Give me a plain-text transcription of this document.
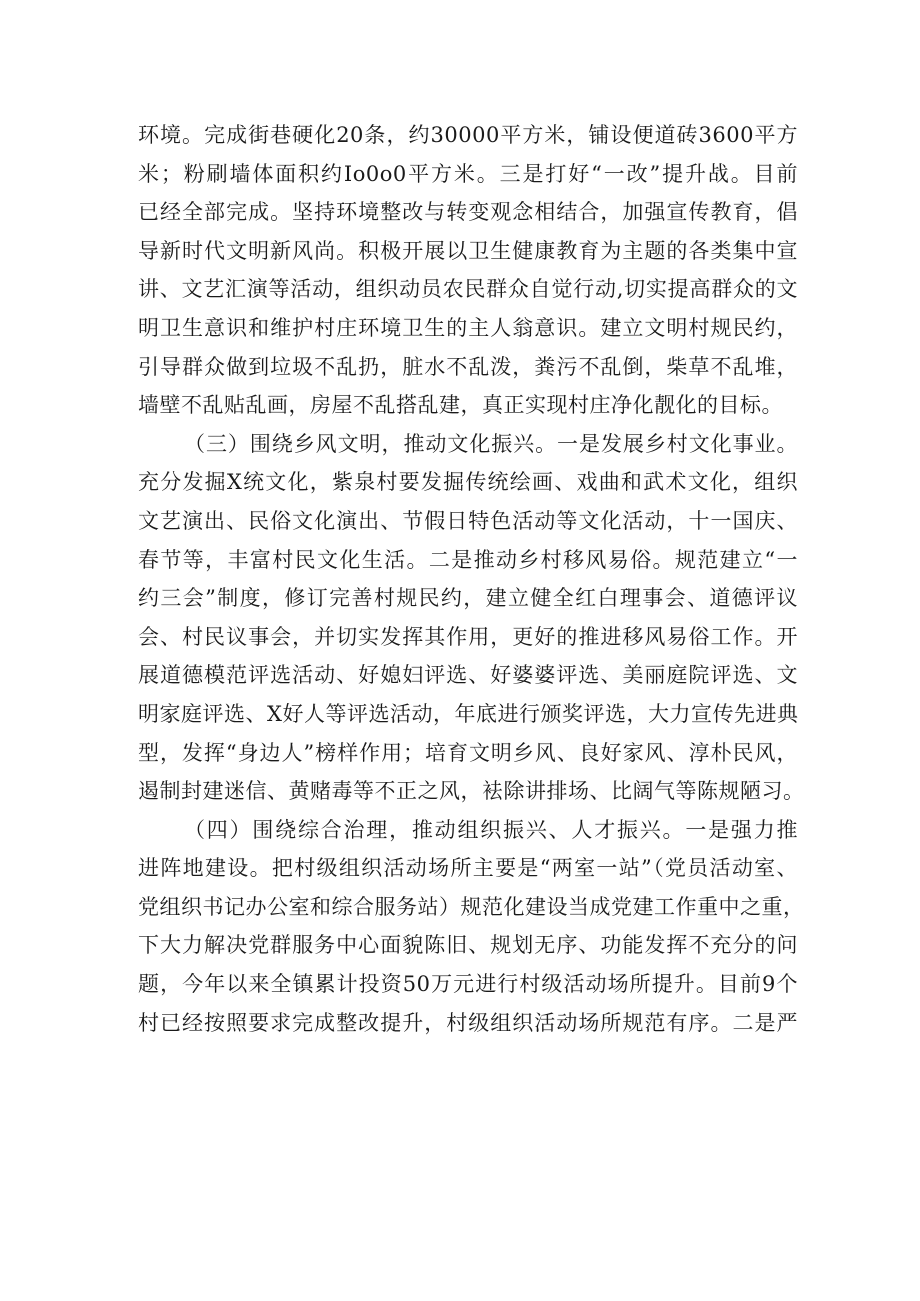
环境。完成街巷硬化20条，约30000平方米，铺设便道砖3600平方
米；粉刷墙体面积约Io0o0平方米。三是打好“一改”提升战。目前
已经全部完成。坚持环境整改与转变观念相结合，加强宣传教育，倡
导新时代文明新风尚。积极开展以卫生健康教育为主题的各类集中宣
讲、文艺汇演等活动，组织动员农民群众自觉行动,切实提高群众的文
明卫生意识和维护村庄环境卫生的主人翁意识。建立文明村规民约，
引导群众做到垃圾不乱扔，脏水不乱泼，粪污不乱倒，柴草不乱堆，
墙壁不乱贴乱画，房屋不乱搭乱建，真正实现村庄净化靓化的目标。
（三）围绕乡风文明，推动文化振兴。一是发展乡村文化事业。
充分发掘X统文化，紫泉村要发掘传统绘画、戏曲和武术文化，组织
文艺演出、民俗文化演出、节假日特色活动等文化活动，十一国庆、
春节等，丰富村民文化生活。二是推动乡村移风易俗。规范建立“一
约三会”制度，修订完善村规民约，建立健全红白理事会、道德评议
会、村民议事会，并切实发挥其作用，更好的推进移风易俗工作。开
展道德模范评选活动、好媳妇评选、好婆婆评选、美丽庭院评选、文
明家庭评选、X好人等评选活动，年底进行颁奖评选，大力宣传先进典
型，发挥“身边人”榜样作用；培育文明乡风、良好家风、淳朴民风，
遏制封建迷信、黄赌毒等不正之风，袪除讲排场、比阔气等陈规陋习。
（四）围绕综合治理，推动组织振兴、人才振兴。一是强力推
进阵地建设。把村级组织活动场所主要是“两室一站”（党员活动室、
党组织书记办公室和综合服务站）规范化建设当成党建工作重中之重，
下大力解决党群服务中心面貌陈旧、规划无序、功能发挥不充分的问
题，今年以来全镇累计投资50万元进行村级活动场所提升。目前9个
村已经按照要求完成整改提升，村级组织活动场所规范有序。二是严
